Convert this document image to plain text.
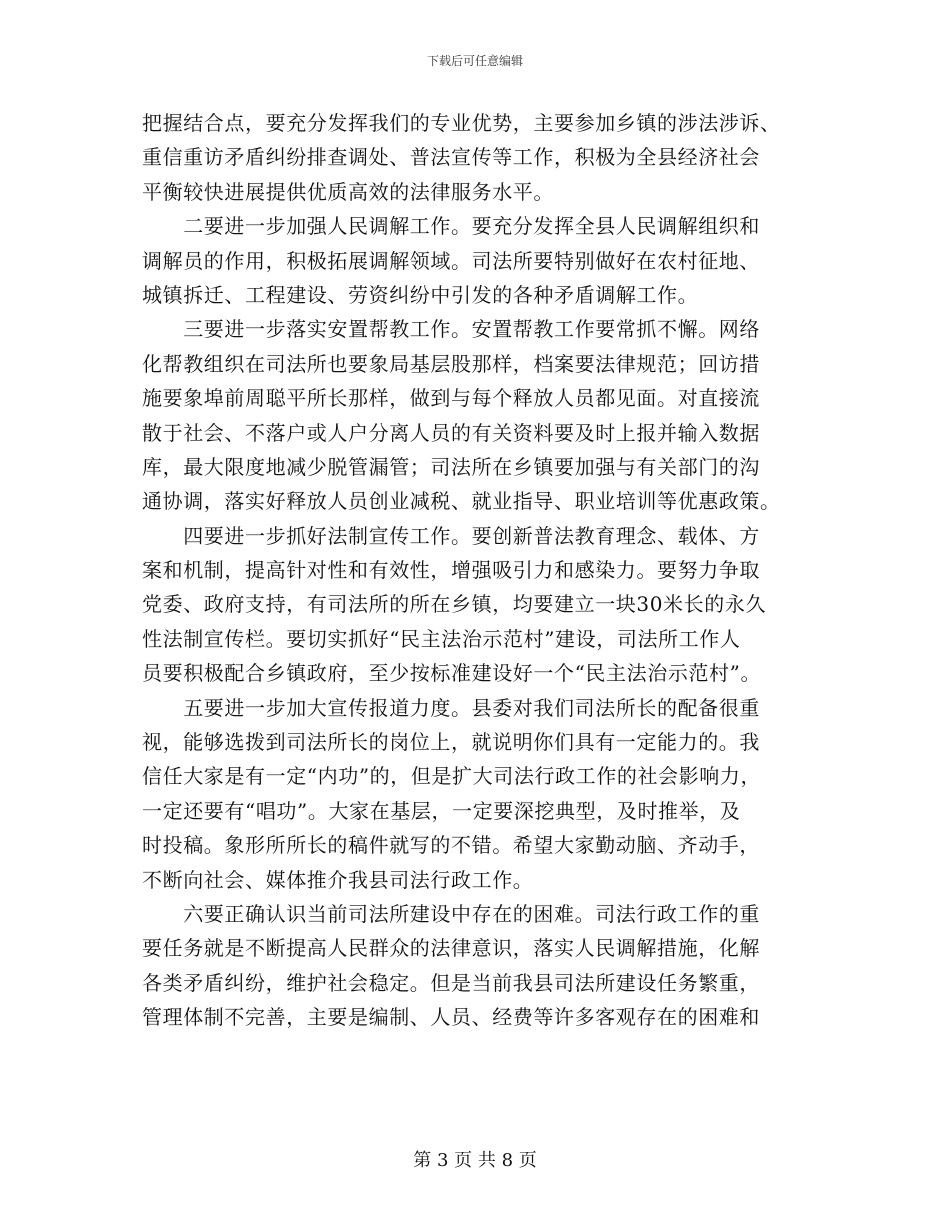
下载后可任意编辑
把握结合点，要充分发挥我们的专业优势，主要参加乡镇的涉法涉诉、
重信重访矛盾纠纷排查调处、普法宣传等工作，积极为全县经济社会
平衡较快进展提供优质高效的法律服务水平。
　　二要进一步加强人民调解工作。要充分发挥全县人民调解组织和
调解员的作用，积极拓展调解领域。司法所要特别做好在农村征地、
城镇拆迁、工程建设、劳资纠纷中引发的各种矛盾调解工作。
　　三要进一步落实安置帮教工作。安置帮教工作要常抓不懈。网络
化帮教组织在司法所也要象局基层股那样，档案要法律规范；回访措
施要象埠前周聪平所长那样，做到与每个释放人员都见面。对直接流
散于社会、不落户或人户分离人员的有关资料要及时上报并输入数据
库，最大限度地减少脱管漏管；司法所在乡镇要加强与有关部门的沟
通协调，落实好释放人员创业减税、就业指导、职业培训等优惠政策。
　　四要进一步抓好法制宣传工作。要创新普法教育理念、载体、方
案和机制，提高针对性和有效性，增强吸引力和感染力。要努力争取
党委、政府支持，有司法所的所在乡镇，均要建立一块30米长的永久
性法制宣传栏。要切实抓好“民主法治示范村”建设，司法所工作人
员要积极配合乡镇政府，至少按标准建设好一个“民主法治示范村”。
　　五要进一步加大宣传报道力度。县委对我们司法所长的配备很重
视，能够选拨到司法所长的岗位上，就说明你们具有一定能力的。我
信任大家是有一定“内功”的，但是扩大司法行政工作的社会影响力，
一定还要有“唱功”。大家在基层，一定要深挖典型，及时推举，及
时投稿。象形所所长的稿件就写的不错。希望大家勤动脑、齐动手，
不断向社会、媒体推介我县司法行政工作。
　　六要正确认识当前司法所建设中存在的困难。司法行政工作的重
要任务就是不断提高人民群众的法律意识，落实人民调解措施，化解
各类矛盾纠纷，维护社会稳定。但是当前我县司法所建设任务繁重，
管理体制不完善，主要是编制、人员、经费等许多客观存在的困难和
第 3 页 共 8 页
